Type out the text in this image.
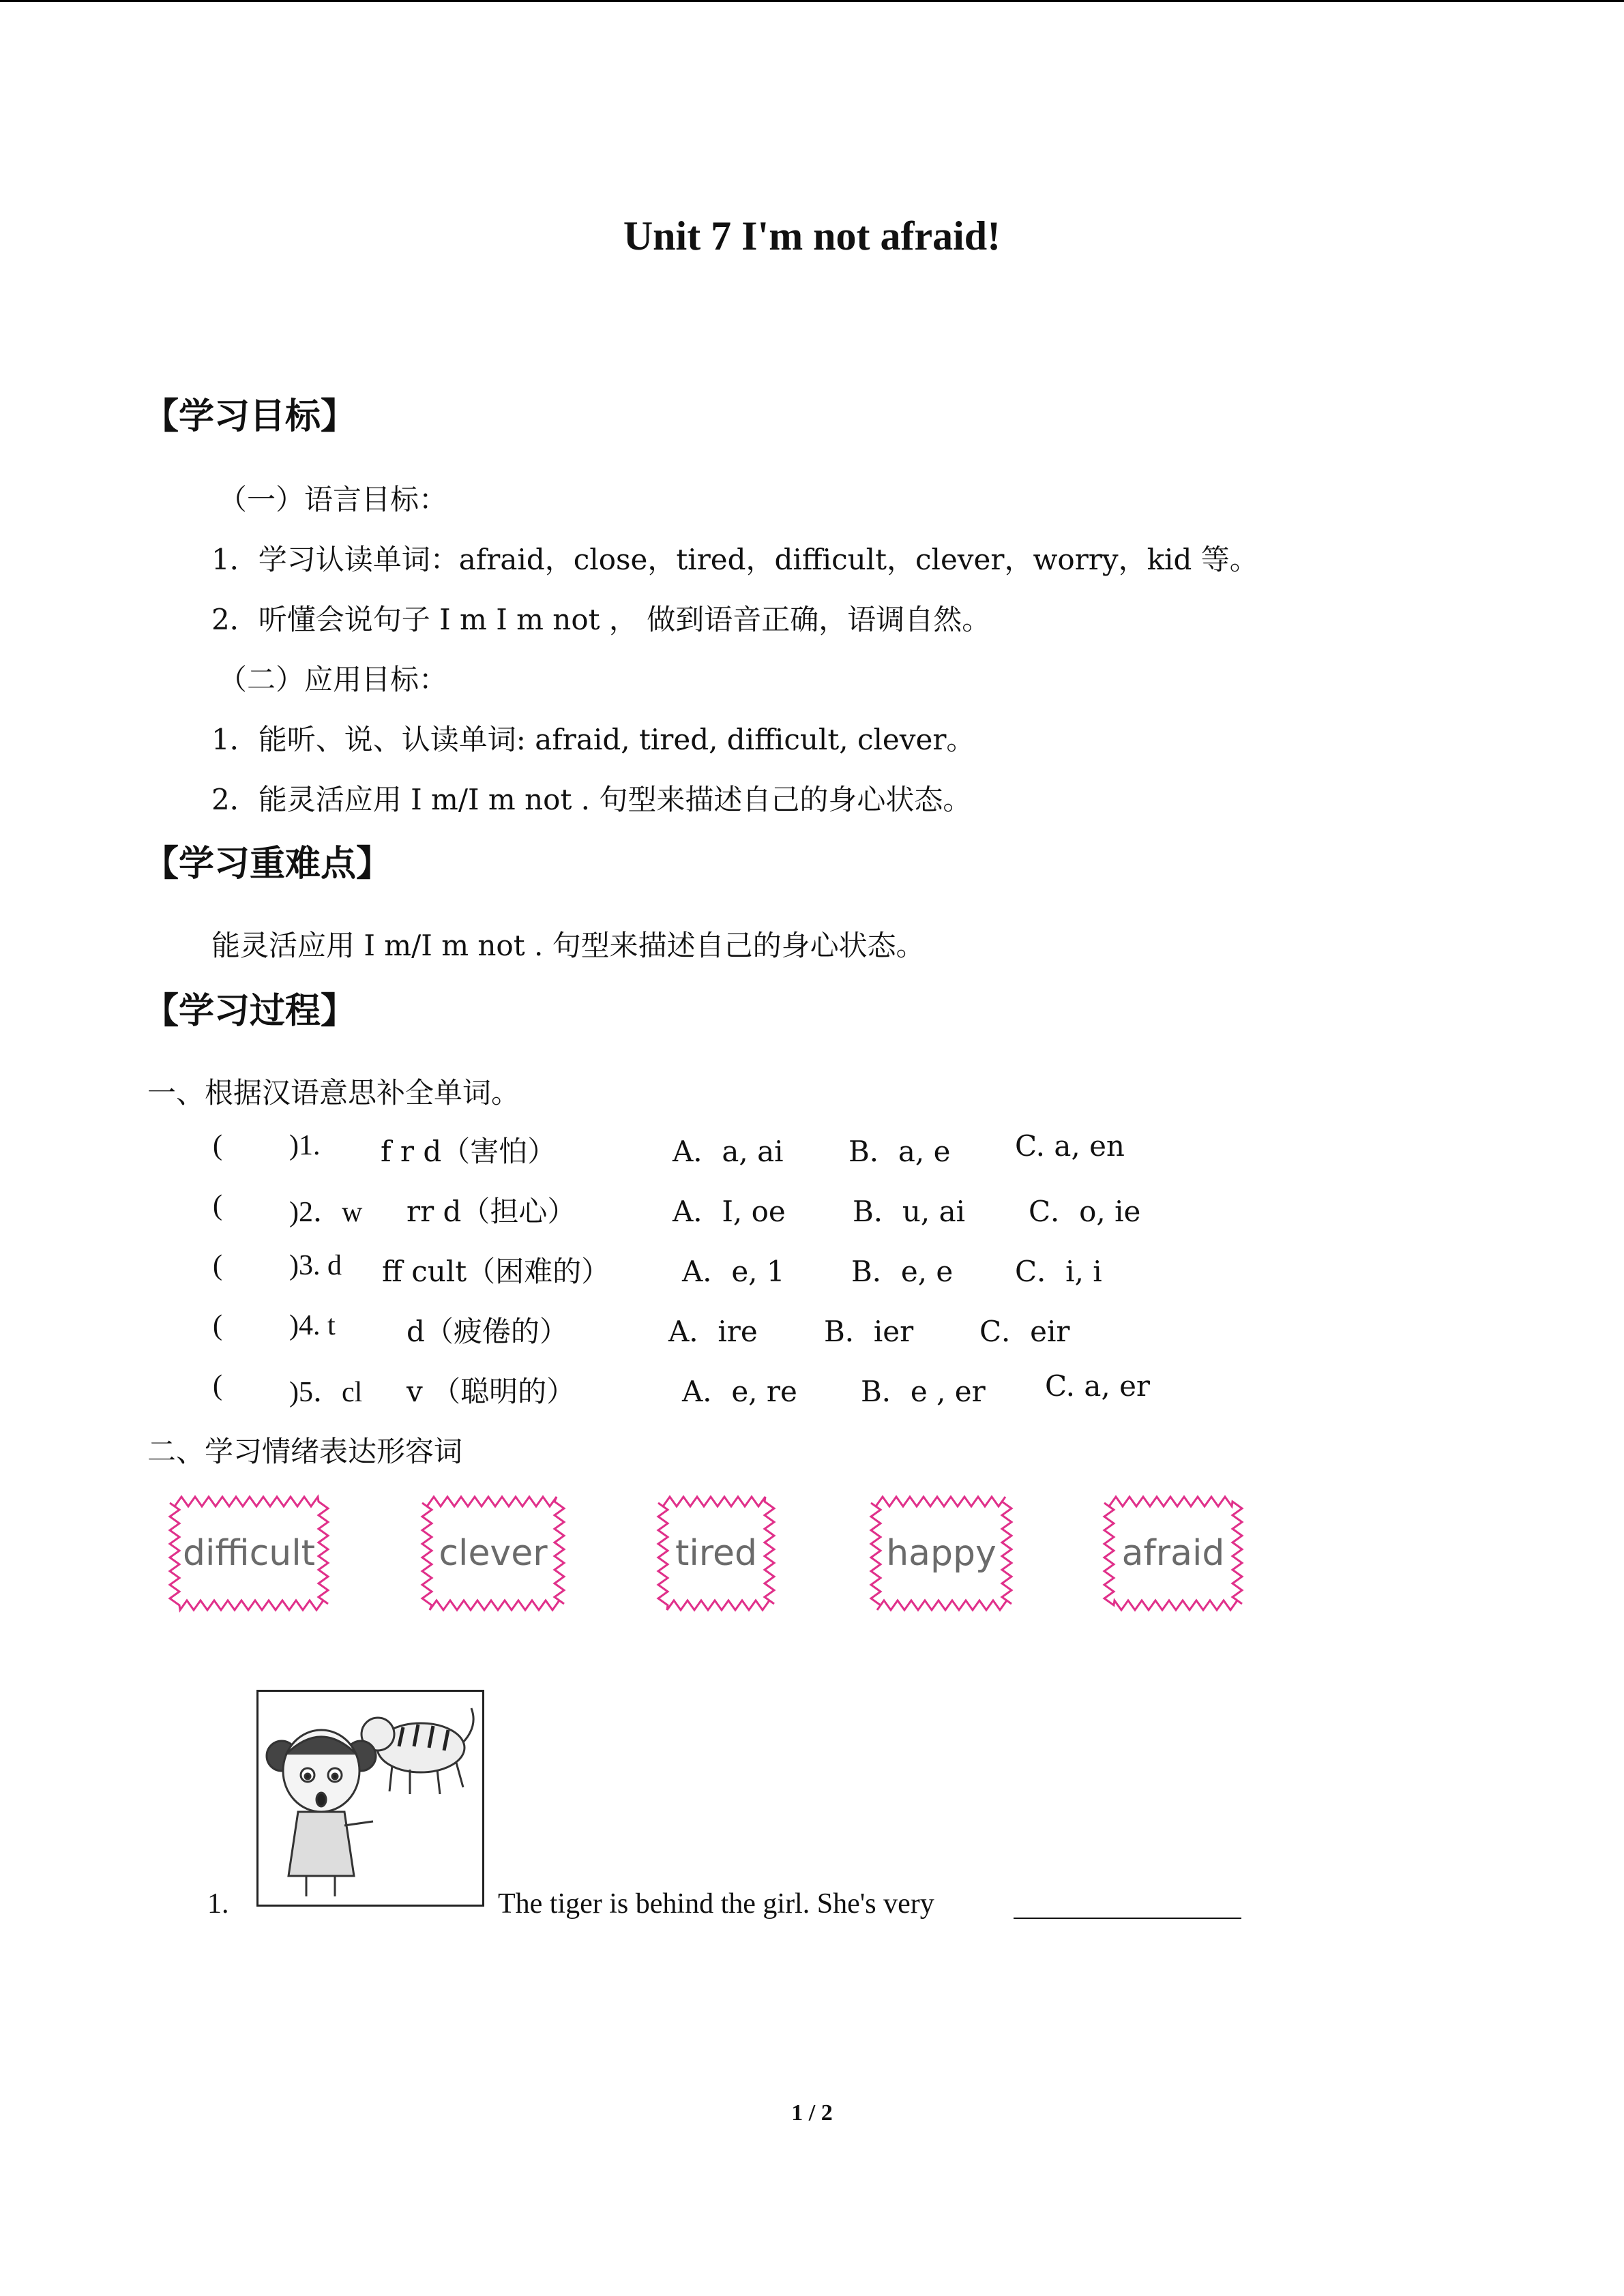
Unit 7 I'm not afraid!
【学习目标】
（一）语言目标：
1．学习认读单词：afraid，close，tired，difficult，clever，worry，kid 等。
2．听懂会说句子 I m I m not ， 做到语音正确，语调自然。
（二）应用目标：
1．能听、说、认读单词: afraid, tired, difficult, clever。
2．能灵活应用 I m/I m not . 句型来描述自己的身心状态。
【学习重难点】
能灵活应用 I m/I m not . 句型来描述自己的身心状态。
【学习过程】
一、根据汉语意思补全单词。
( )1. f r d（害怕）	A．a, ai B．a, e C. a, en
( )2．w rr d（担心）	A．I, oe B．u, ai C．o, ie
( )3. d ff cult（困难的）	A．e, 1 B．e, e C．i, i
( )4. t d（疲倦的）	A．ire B．ier C．eir
( )5．cl v （聪明的）	A．e, re B．e , er C. a, er
二、学习情绪表达形容词
difficult	clever	tired	happy	afraid
1.	The tiger is behind the girl. She's very
1 / 2
